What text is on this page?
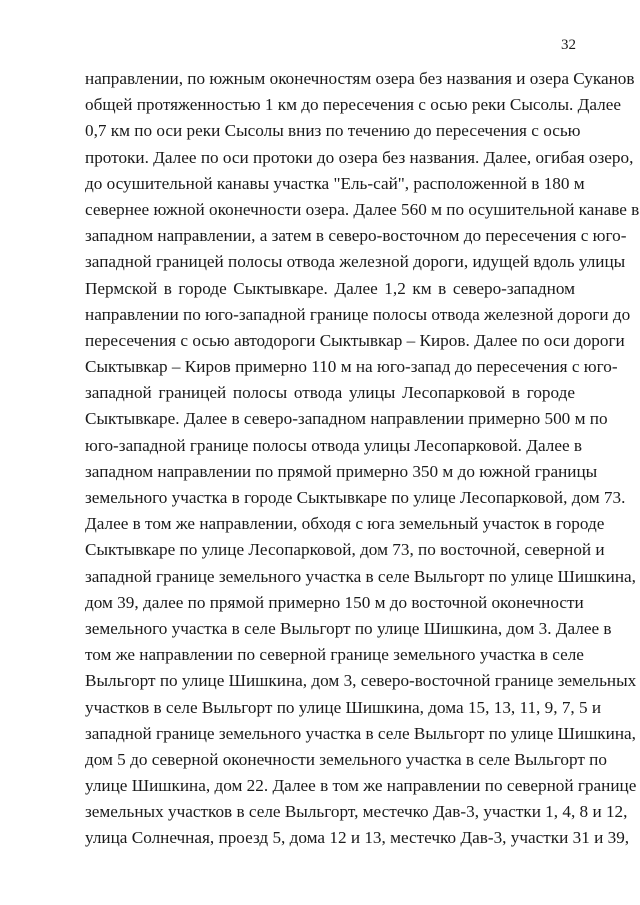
32
направлении, по южным оконечностям озера без названия и озера Суканов
общей протяженностью 1 км до пересечения с осью реки Сысолы. Далее
0,7 км по оси реки Сысолы вниз по течению до пересечения с осью
протоки. Далее по оси протоки до озера без названия. Далее, огибая озеро,
до осушительной канавы участка "Ель-сай", расположенной в 180 м
севернее южной оконечности озера. Далее 560 м по осушительной канаве в
западном направлении, а затем в северо-восточном до пересечения с юго-
западной границей полосы отвода железной дороги, идущей вдоль улицы
Пермской в городе Сыктывкаре. Далее 1,2 км в северо-западном
направлении по юго-западной границе полосы отвода железной дороги до
пересечения с осью автодороги Сыктывкар – Киров. Далее по оси дороги
Сыктывкар – Киров примерно 110 м на юго-запад до пересечения с юго-
западной границей полосы отвода улицы Лесопарковой в городе
Сыктывкаре. Далее в северо-западном направлении примерно 500 м по
юго-западной границе полосы отвода улицы Лесопарковой. Далее в
западном направлении по прямой примерно 350 м до южной границы
земельного участка в городе Сыктывкаре по улице Лесопарковой, дом 73.
Далее в том же направлении, обходя с юга земельный участок в городе
Сыктывкаре по улице Лесопарковой, дом 73, по восточной, северной и
западной границе земельного участка в селе Выльгорт по улице Шишкина,
дом 39, далее по прямой примерно 150 м до восточной оконечности
земельного участка в селе Выльгорт по улице Шишкина, дом 3. Далее в
том же направлении по северной границе земельного участка в селе
Выльгорт по улице Шишкина, дом 3, северо-восточной границе земельных
участков в селе Выльгорт по улице Шишкина, дома 15, 13, 11, 9, 7, 5 и
западной границе земельного участка в селе Выльгорт по улице Шишкина,
дом 5 до северной оконечности земельного участка в селе Выльгорт по
улице Шишкина, дом 22. Далее в том же направлении по северной границе
земельных участков в селе Выльгорт, местечко Дав-3, участки 1, 4, 8 и 12,
улица Солнечная, проезд 5, дома 12 и 13, местечко Дав-3, участки 31 и 39,
